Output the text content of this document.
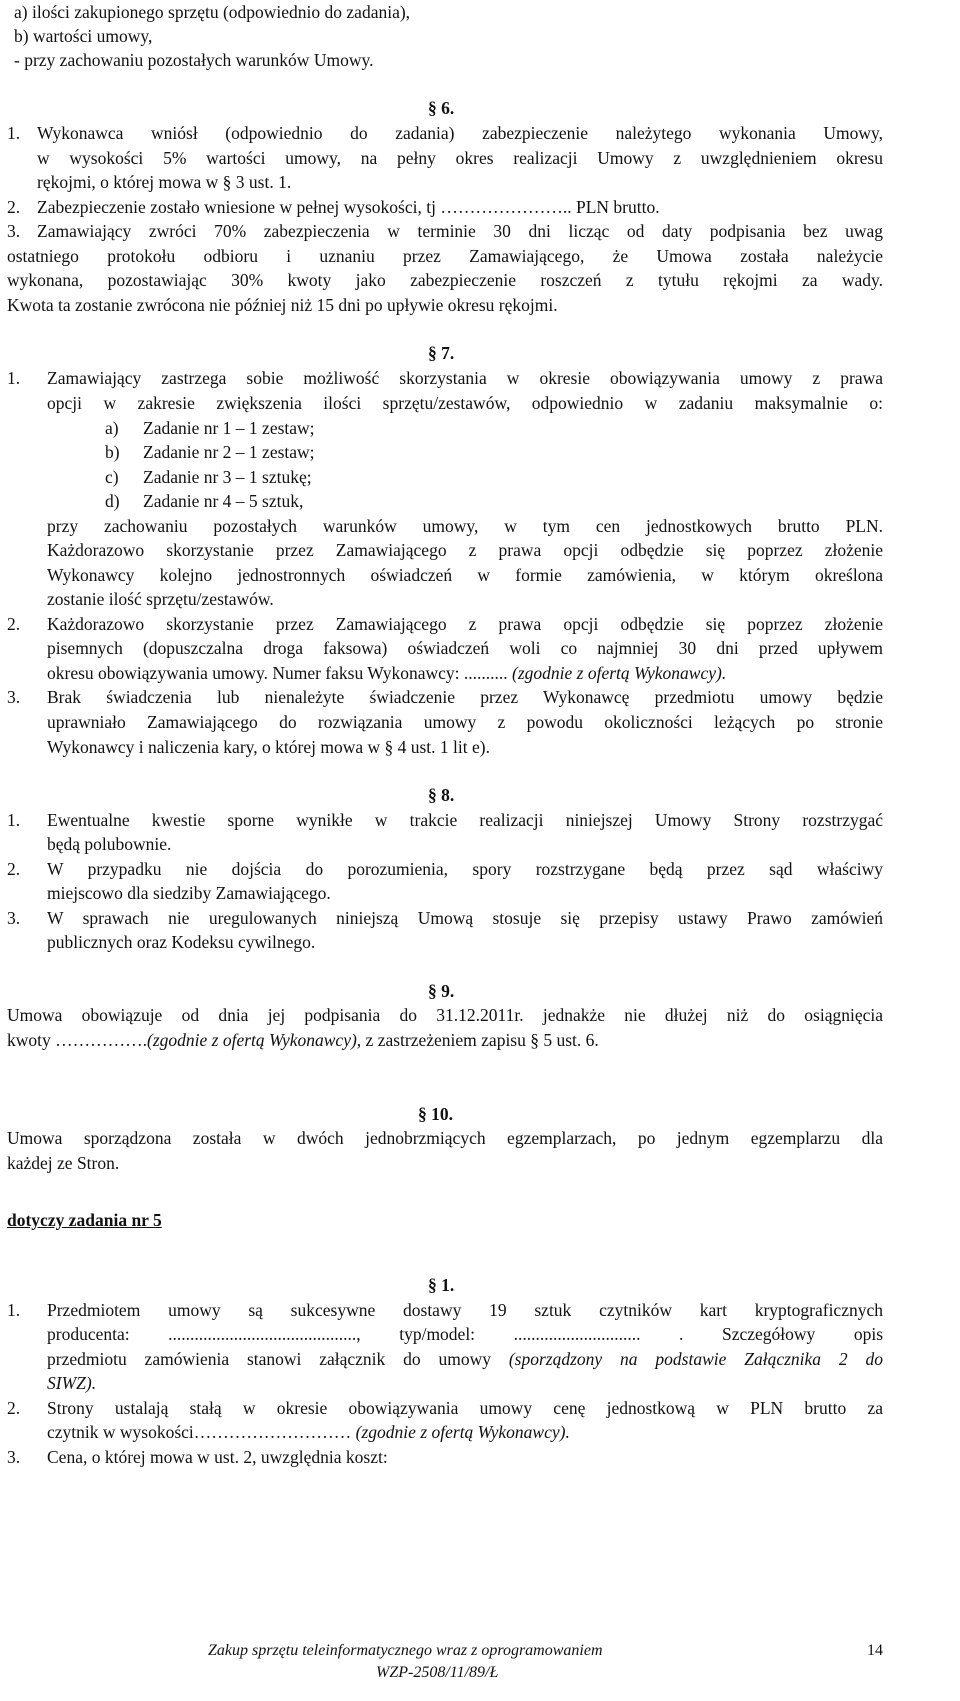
a) ilości zakupionego sprzętu (odpowiednio do zadania),
b) wartości umowy,
- przy zachowaniu pozostałych warunków Umowy.
§ 6.
1. Wykonawca wniósł (odpowiednio do zadania) zabezpieczenie należytego wykonania Umowy,
w wysokości 5% wartości umowy, na pełny okres realizacji Umowy z uwzględnieniem okresu
rękojmi, o której mowa w § 3 ust. 1.
2. Zabezpieczenie zostało wniesione w pełnej wysokości, tj ………………….. PLN brutto.
3. Zamawiający zwróci 70% zabezpieczenia w terminie 30 dni licząc od daty podpisania bez uwag
ostatniego protokołu odbioru i uznaniu przez Zamawiającego, że Umowa została należycie
wykonana, pozostawiając 30% kwoty jako zabezpieczenie roszczeń z tytułu rękojmi za wady.
Kwota ta zostanie zwrócona nie później niż 15 dni po upływie okresu rękojmi.
§ 7.
1. Zamawiający zastrzega sobie możliwość skorzystania w okresie obowiązywania umowy z prawa
opcji w zakresie zwiększenia ilości sprzętu/zestawów, odpowiednio w zadaniu maksymalnie o:
a) Zadanie nr 1 – 1 zestaw;
b) Zadanie nr 2 – 1 zestaw;
c) Zadanie nr 3 – 1 sztukę;
d) Zadanie nr 4 – 5 sztuk,
przy zachowaniu pozostałych warunków umowy, w tym cen jednostkowych brutto PLN.
Każdorazowo skorzystanie przez Zamawiającego z prawa opcji odbędzie się poprzez złożenie
Wykonawcy kolejno jednostronnych oświadczeń w formie zamówienia, w którym określona
zostanie ilość sprzętu/zestawów.
2. Każdorazowo skorzystanie przez Zamawiającego z prawa opcji odbędzie się poprzez złożenie
pisemnych (dopuszczalna droga faksowa) oświadczeń woli co najmniej 30 dni przed upływem
okresu obowiązywania umowy. Numer faksu Wykonawcy: .......... (zgodnie z ofertą Wykonawcy).
3. Brak świadczenia lub nienależyte świadczenie przez Wykonawcę przedmiotu umowy będzie
uprawniało Zamawiającego do rozwiązania umowy z powodu okoliczności leżących po stronie
Wykonawcy i naliczenia kary, o której mowa w § 4 ust. 1 lit e).
§ 8.
1. Ewentualne kwestie sporne wynikłe w trakcie realizacji niniejszej Umowy Strony rozstrzygać
będą polubownie.
2. W przypadku nie dojścia do porozumienia, spory rozstrzygane będą przez sąd właściwy
miejscowo dla siedziby Zamawiającego.
3. W sprawach nie uregulowanych niniejszą Umową stosuje się przepisy ustawy Prawo zamówień
publicznych oraz Kodeksu cywilnego.
§ 9.
Umowa obowiązuje od dnia jej podpisania do 31.12.2011r. jednakże nie dłużej niż do osiągnięcia
kwoty …………….(zgodnie z ofertą Wykonawcy), z zastrzeżeniem zapisu § 5 ust. 6.
§ 10.
Umowa sporządzona została w dwóch jednobrzmiących egzemplarzach, po jednym egzemplarzu dla
każdej ze Stron.
dotyczy zadania nr 5
§ 1.
1. Przedmiotem umowy są sukcesywne dostawy 19 sztuk czytników kart kryptograficznych
producenta: ..........................................., typ/model: ............................. . Szczegółowy opis
przedmiotu zamówienia stanowi załącznik do umowy (sporządzony na podstawie Załącznika 2 do
SIWZ).
2. Strony ustalają stałą w okresie obowiązywania umowy cenę jednostkową w PLN brutto za
czytnik w wysokości……………………… (zgodnie z ofertą Wykonawcy).
3. Cena, o której mowa w ust. 2, uwzględnia koszt:
Zakup sprzętu teleinformatycznego wraz z oprogramowaniem	14
WZP-2508/11/89/Ł
